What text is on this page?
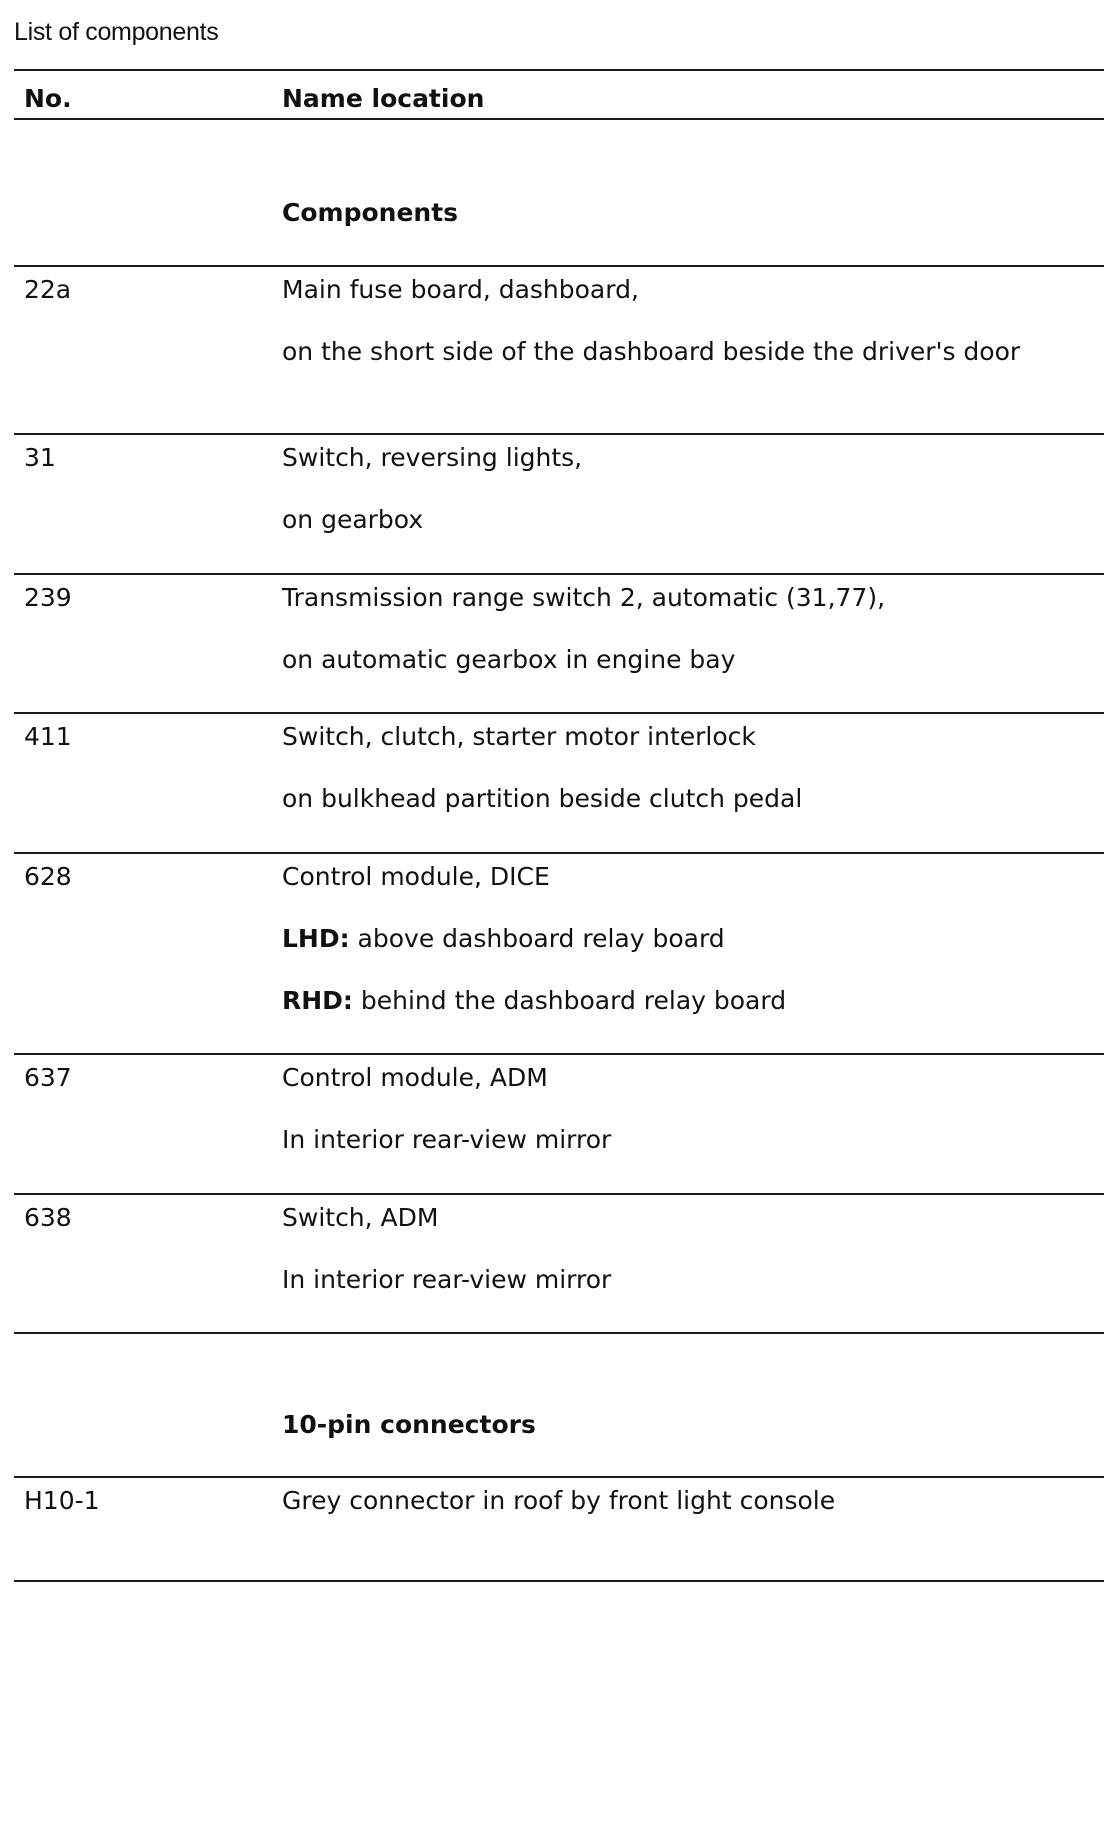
List of components
No.	Name location
Components
22a	Main fuse board, dashboard,
on the short side of the dashboard beside the driver's door
31	Switch, reversing lights,
on gearbox
239	Transmission range switch 2, automatic (31,77),
on automatic gearbox in engine bay
411	Switch, clutch, starter motor interlock
on bulkhead partition beside clutch pedal
628	Control module, DICE
LHD: above dashboard relay board
RHD: behind the dashboard relay board
637	Control module, ADM
In interior rear-view mirror
638	Switch, ADM
In interior rear-view mirror
10-pin connectors
H10-1	Grey connector in roof by front light console
